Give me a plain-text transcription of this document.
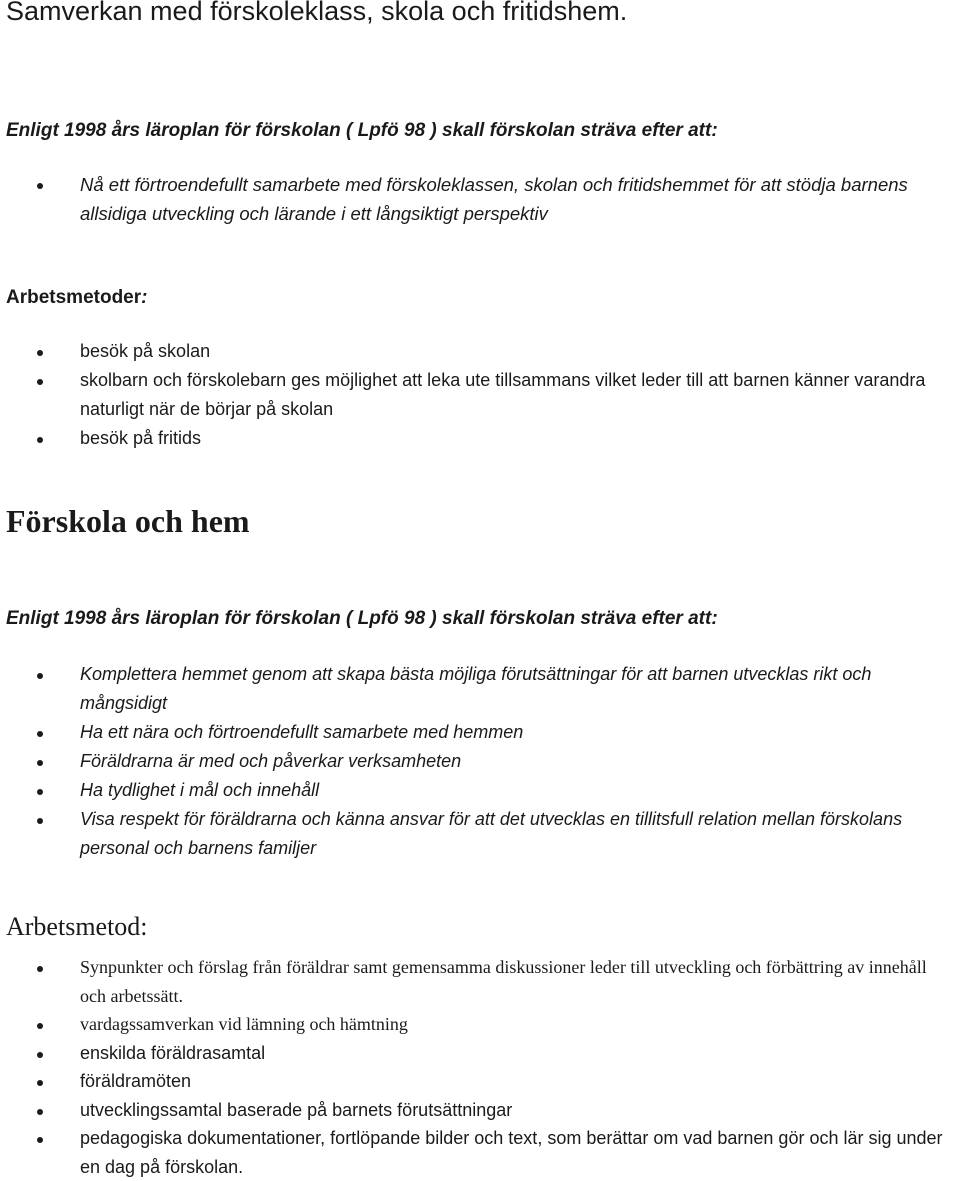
Samverkan med förskoleklass, skola och fritidshem.

Enligt 1998 års läroplan för förskolan ( Lpfö 98 ) skall förskolan sträva efter att:

Nå ett förtroendefullt samarbete med förskoleklassen, skolan och fritidshemmet för att stödja barnens allsidiga utveckling och lärande i ett långsiktigt perspektiv

Arbetsmetoder:

besök på skolan
skolbarn och förskolebarn ges möjlighet att leka ute tillsammans vilket leder till att barnen känner varandra naturligt när de börjar på skolan
besök på fritids
Förskola och hem

Enligt 1998 års läroplan för förskolan ( Lpfö 98 ) skall förskolan sträva efter att:

Komplettera hemmet genom att skapa bästa möjliga förutsättningar för att barnen utvecklas rikt och mångsidigt
Ha ett nära och förtroendefullt samarbete med hemmen
Föräldrarna är med och påverkar verksamheten
Ha tydlighet i mål och innehåll
Visa respekt för föräldrarna och känna ansvar för att det utvecklas en tillitsfull relation mellan förskolans personal och barnens familjer
Arbetsmetod:
Synpunkter och förslag från föräldrar samt gemensamma diskussioner leder till utveckling och förbättring av innehåll och arbetssätt.
vardagssamverkan vid lämning och hämtning
enskilda föräldrasamtal
föräldramöten
utvecklingssamtal baserade på barnets förutsättningar
pedagogiska dokumentationer, fortlöpande bilder och text, som berättar om vad barnen gör och lär sig under en dag på förskolan.
